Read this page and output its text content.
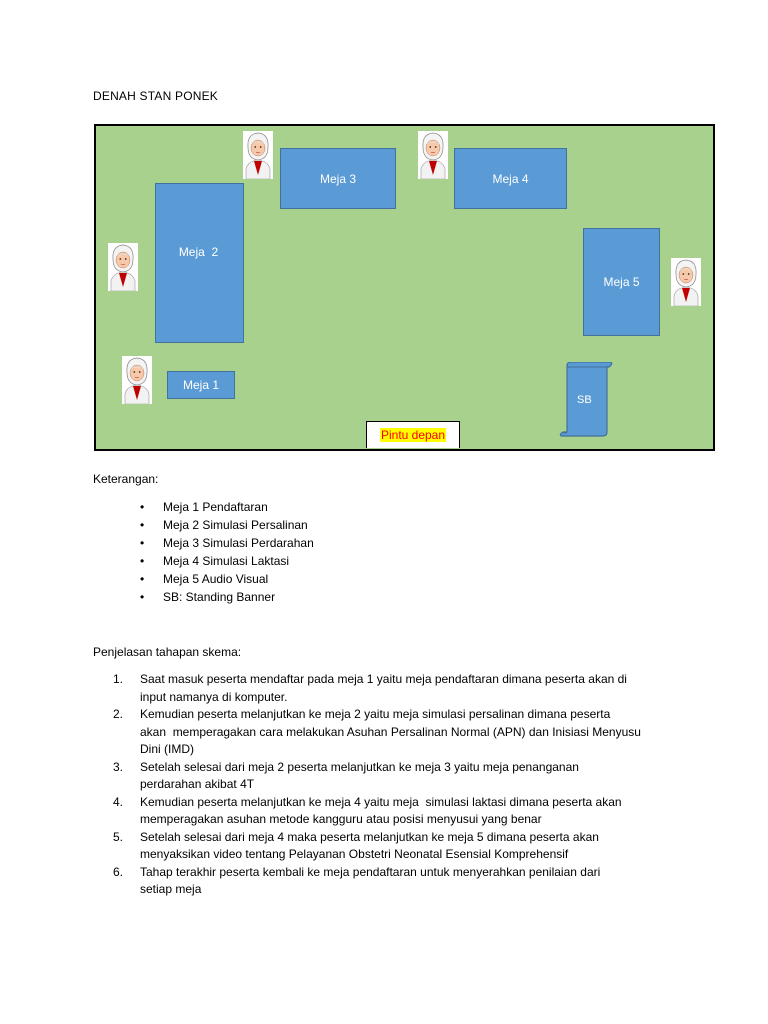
DENAH STAN PONEK
Meja 3	Meja 4
Meja  2
Meja 5
Meja 1
SB
Pintu depan
Keterangan:
• Meja 1 Pendaftaran
• Meja 2 Simulasi Persalinan
• Meja 3 Simulasi Perdarahan
• Meja 4 Simulasi Laktasi
• Meja 5 Audio Visual
• SB: Standing Banner
Penjelasan tahapan skema:
1. Saat masuk peserta mendaftar pada meja 1 yaitu meja pendaftaran dimana peserta akan di
input namanya di komputer.
2. Kemudian peserta melanjutkan ke meja 2 yaitu meja simulasi persalinan dimana peserta
akan  memperagakan cara melakukan Asuhan Persalinan Normal (APN) dan Inisiasi Menyusu
Dini (IMD)
3. Setelah selesai dari meja 2 peserta melanjutkan ke meja 3 yaitu meja penanganan
perdarahan akibat 4T
4. Kemudian peserta melanjutkan ke meja 4 yaitu meja  simulasi laktasi dimana peserta akan
memperagakan asuhan metode kangguru atau posisi menyusui yang benar
5. Setelah selesai dari meja 4 maka peserta melanjutkan ke meja 5 dimana peserta akan
menyaksikan video tentang Pelayanan Obstetri Neonatal Esensial Komprehensif
6. Tahap terakhir peserta kembali ke meja pendaftaran untuk menyerahkan penilaian dari
setiap meja
